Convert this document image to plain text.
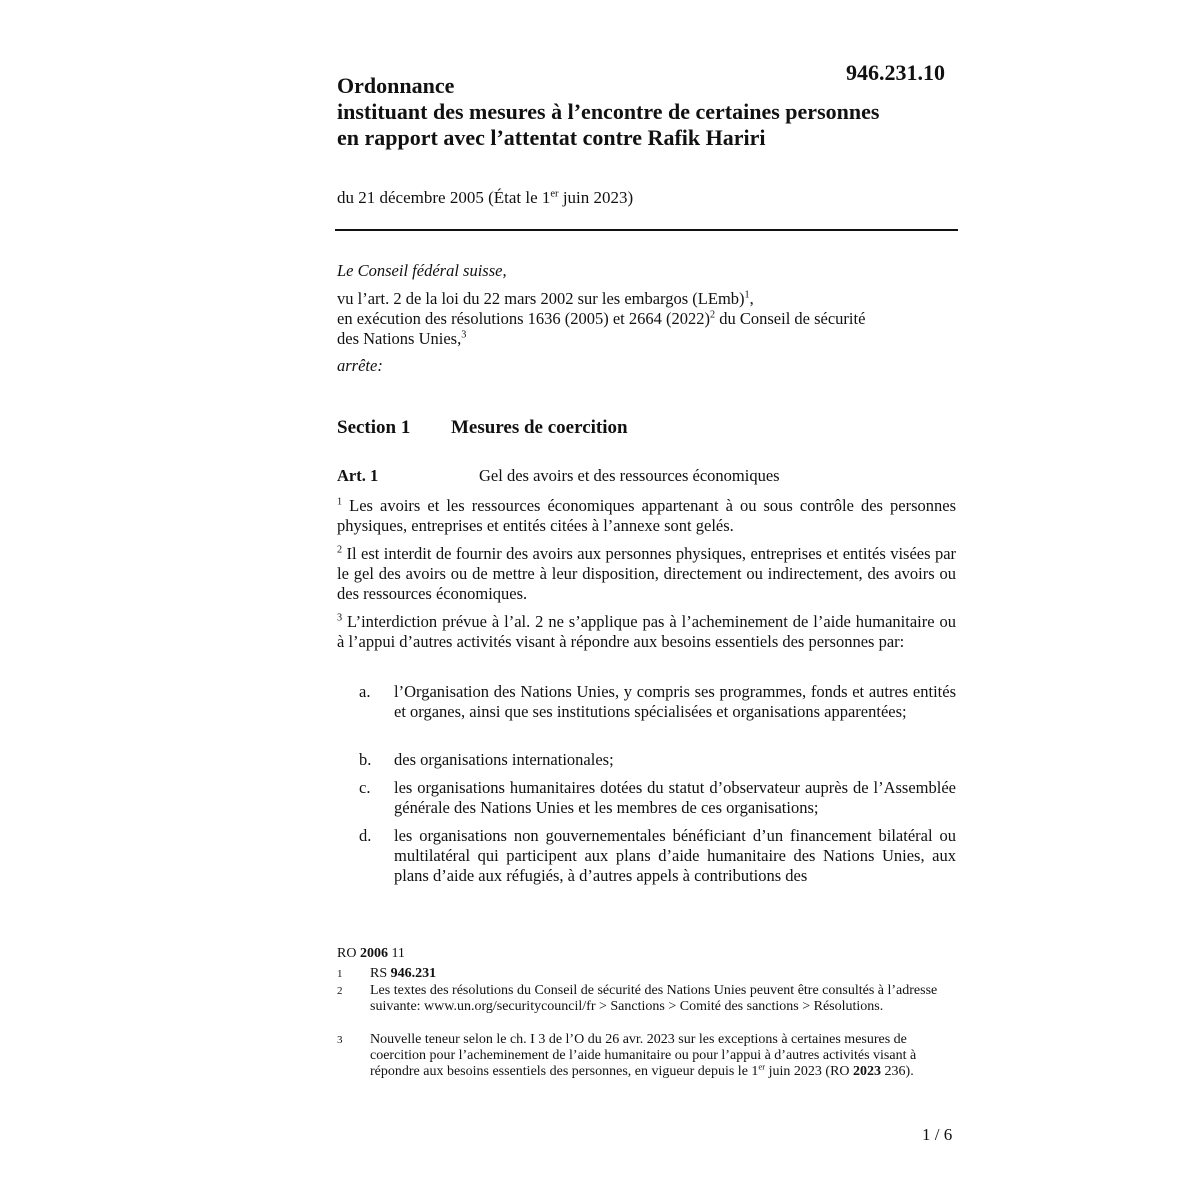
946.231.10
Ordonnance
instituant des mesures à l’encontre de certaines personnes
en rapport avec l’attentat contre Rafik Hariri
du 21 décembre 2005 (État le 1er juin 2023)
Le Conseil fédéral suisse,
vu l’art. 2 de la loi du 22 mars 2002 sur les embargos (LEmb)$^1$,
en exécution des résolutions 1636 (2005) et 2664 $(2022)^2$ du Conseil de sécurité
des Nations Unies,$^3$
arrête:
Section 1 Mesures de coercition
Art. 1	Gel des avoirs et des ressources économiques
$^1$ Les avoirs et les ressources économiques appartenant à ou sous contrôle des personnes physiques, entreprises et entités citées à l’annexe sont gelés.
$^2$ Il est interdit de fournir des avoirs aux personnes physiques, entreprises et entités visées par le gel des avoirs ou de mettre à leur disposition, directement ou indirectement, des avoirs ou des ressources économiques.
$^3$ L’interdiction prévue à l’al. 2 ne s’applique pas à l’acheminement de l’aide humanitaire ou à l’appui d’autres activités visant à répondre aux besoins essentiels des personnes par:
a. l’Organisation des Nations Unies, y compris ses programmes, fonds et autres entités et organes, ainsi que ses institutions spécialisées et organisations apparentées;
b. des organisations internationales;
c. les organisations humanitaires dotées du statut d’observateur auprès de l’Assemblée générale des Nations Unies et les membres de ces organisations;
d. les organisations non gouvernementales bénéficiant d’un financement bilatéral ou multilatéral qui participent aux plans d’aide humanitaire des Nations Unies, aux plans d’aide aux réfugiés, à d’autres appels à contributions des
RO 2006 11
1 RS 946.231
2 Les textes des résolutions du Conseil de sécurité des Nations Unies peuvent être consultés à l’adresse suivante: www.un.org/securitycouncil/fr > Sanctions > Comité des sanctions > Résolutions.
3 Nouvelle teneur selon le ch. I 3 de l’O du 26 avr. 2023 sur les exceptions à certaines mesures de coercition pour l’acheminement de l’aide humanitaire ou pour l’appui à d’autres activités visant à répondre aux besoins essentiels des personnes, en vigueur depuis le 1er juin 2023 (RO 2023 236).
1 / 6
